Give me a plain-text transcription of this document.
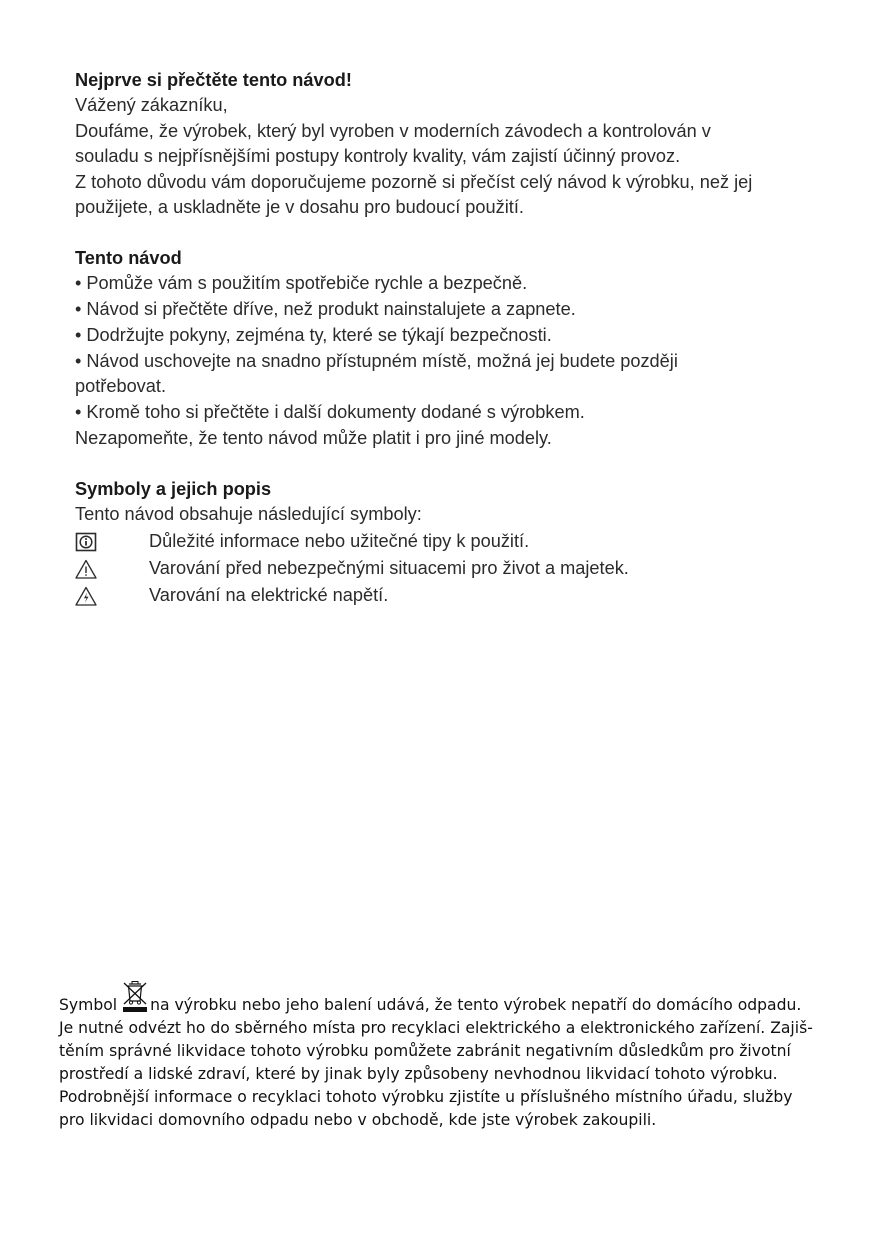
Nejprve si přečtěte tento návod!

Vážený zákazníku,

Doufáme, že výrobek, který byl vyroben v moderních závodech a kontrolován v

souladu s nejpřísnějšími postupy kontroly kvality, vám zajistí účinný provoz.

Z tohoto důvodu vám doporučujeme pozorně si přečíst celý návod k výrobku, než jej

použijete, a uskladněte je v dosahu pro budoucí použití.

Tento návod

• Pomůže vám s použitím spotřebiče rychle a bezpečně.

• Návod si přečtěte dříve, než produkt nainstalujete a zapnete.

• Dodržujte pokyny, zejména ty, které se týkají bezpečnosti.

• Návod uschovejte na snadno přístupném místě, možná jej budete později

potřebovat.

• Kromě toho si přečtěte i další dokumenty dodané s výrobkem.

Nezapomeňte, že tento návod může platit i pro jiné modely.

Symboly a jejich popis

Tento návod obsahuje následující symboly:

Důležité informace nebo užitečné tipy k použití.
Varování před nebezpečnými situacemi pro život a majetek.
Varování na elektrické napětí.

Symbol na výrobku nebo jeho balení udává, že tento výrobek nepatří do domácího odpadu.

Je nutné odvézt ho do sběrného místa pro recyklaci elektrického a elektronického zařízení. Zajiš-

těním správné likvidace tohoto výrobku pomůžete zabránit negativním důsledkům pro životní

prostředí a lidské zdraví, které by jinak byly způsobeny nevhodnou likvidací tohoto výrobku.

Podrobnější informace o recyklaci tohoto výrobku zjistíte u příslušného místního úřadu, služby

pro likvidaci domovního odpadu nebo v obchodě, kde jste výrobek zakoupili.
